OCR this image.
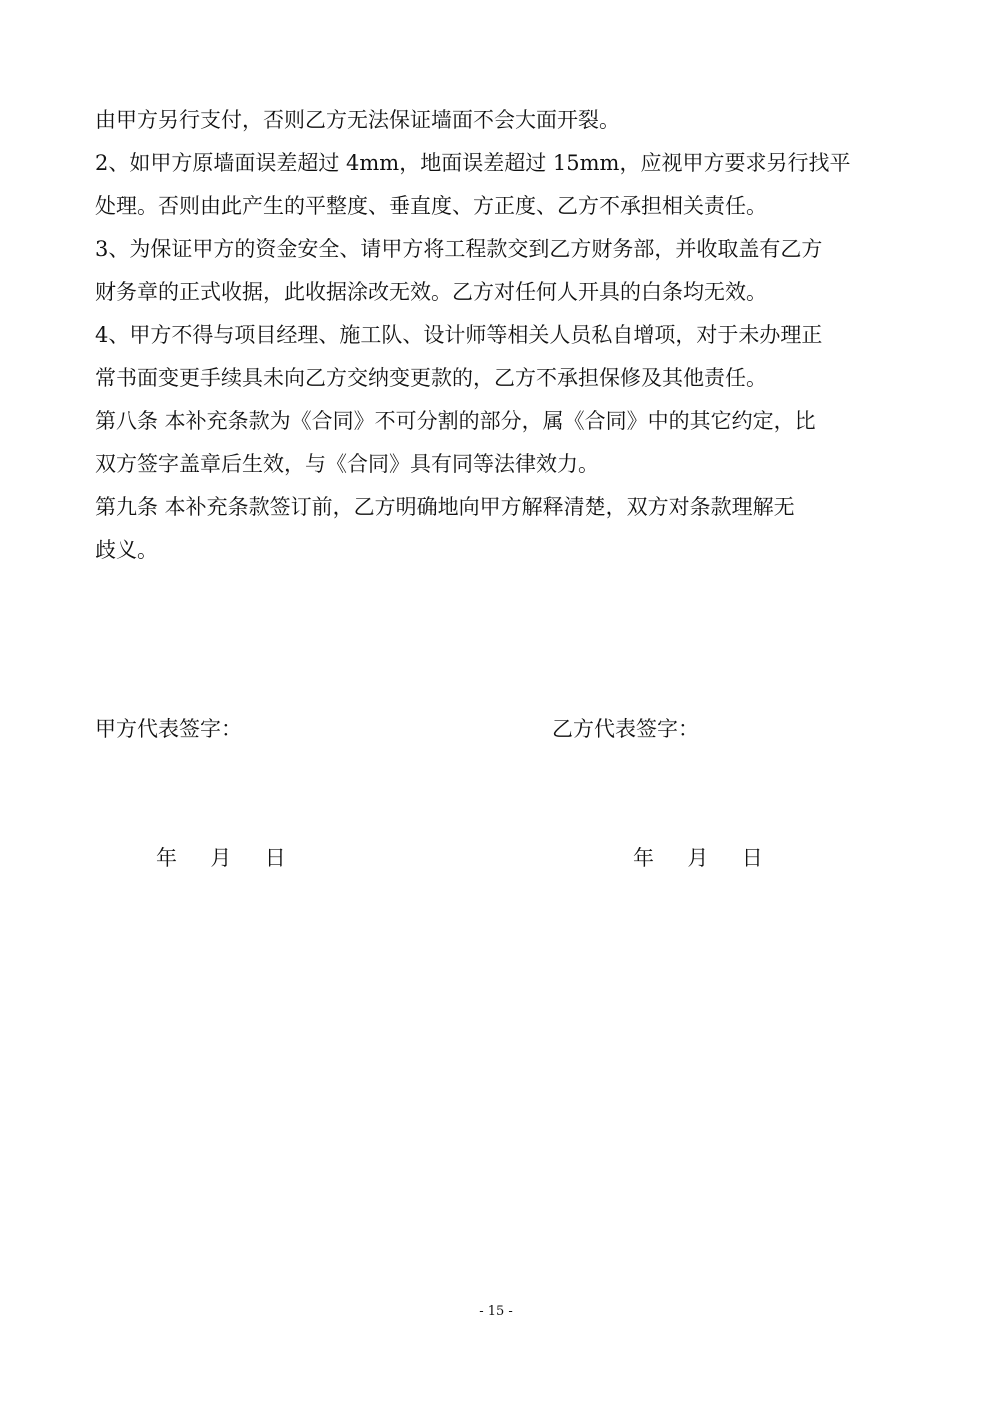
由甲方另行支付，否则乙方无法保证墙面不会大面开裂。
2、如甲方原墙面误差超过 4mm，地面误差超过 15mm，应视甲方要求另行找平
处理。否则由此产生的平整度、垂直度、方正度、乙方不承担相关责任。
3、为保证甲方的资金安全、请甲方将工程款交到乙方财务部，并收取盖有乙方
财务章的正式收据，此收据涂改无效。乙方对任何人开具的白条均无效。
4、甲方不得与项目经理、施工队、设计师等相关人员私自增项，对于未办理正
常书面变更手续具未向乙方交纳变更款的，乙方不承担保修及其他责任。
第八条 本补充条款为《合同》不可分割的部分，属《合同》中的其它约定，比
双方签字盖章后生效，与《合同》具有同等法律效力。
第九条 本补充条款签订前，乙方明确地向甲方解释清楚，双方对条款理解无
歧义。
甲方代表签字：	乙方代表签字：
年     月     日	年     月     日
- 15 -
